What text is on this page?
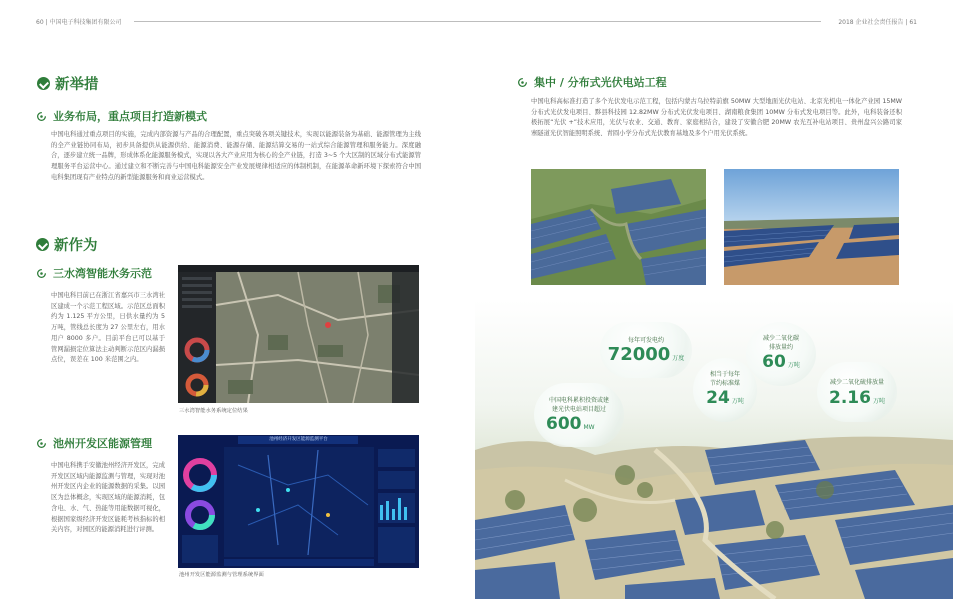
60 | 中国电子科技集团有限公司	2018 企业社会责任报告 | 61
新举措
业务布局，重点项目打造新模式
中国电科通过重点项目的实施，完成内部资源与产品的合理配置，重点突破各项关键技术，实现以能源装备为基础、能源管理为主线的全产业链协同布局，初步具备提供从能源供给、能源消费、能源存储、能源结算交易的一站式综合能源管理和服务能力。深度融合，逐步建立统一品牌，形成体系化能源服务模式，实现以各大产业应用为核心的全产业链，打造 3~5 个大区制的区域分布式能源管理服务平台运营中心。通过建立和不断完善与中国电科能源安全产业发展规律相适应的体制机制，在能源革命新环境下探索符合中国电科集团现有产业特点的新型能源服务和商业运营模式。
新作为
三水湾智能水务示范
中国电科目前已在浙江省嘉兴市三水湾社区建成一个示范工程区域。示范区总面积约为 1.125 平方公里，日供水量约为 5 万吨，管线总长度为 27 公里左右，用水用户 8000 多户。目前平台已可以基于管网漏损定位算法主动判断示范区内漏损点位，误差在 100 米范围之内。
三水湾智能水务系统定位结果
池州开发区能源管理
中国电科携手安徽池州经济开发区，完成开发区区域内能源监测与管理，实现对池州开发区内企业的能源数据的采集。以园区为总体概念，实现区域的能源消耗，包含电、水、气、热能等用能数据可视化，根据国家级经济开发区能耗考核指标的相关内容，对园区的能源消耗进行评测。
池州经济开发区能源监测平台
池州开发区能源监测与管理系统界面
集中 / 分布式光伏电站工程
中国电科高标准打造了多个光伏发电示范工程，包括内蒙古乌拉特前旗 50MW 大型地面光伏电站、北京光机电一体化产业园 15MW 分布式光伏发电项目、黟县科技园 12.82MW 分布式光伏发电项目、湖南粮食集团 10MW 分布式发电项目等。此外，电科装备还积极拓展“光伏 +”技术应用，光伏与农业、交通、教育、家庭相结合，建设了安徽合肥 20MW 农光互补电站项目、贵州盘兴公路司家寨隧道光伏智能照明系统、青圆小学分布式光伏教育基地及多个户用光伏系统。
每年可发电约
72000 万度
相当于每年
节约标准煤
24 万吨
减少二氧化碳
排放量约
60 万吨
中国电科累积投资或建
建光伏电站项目超过
600 MW
减少二氧化硫排放量
2.16 万吨
